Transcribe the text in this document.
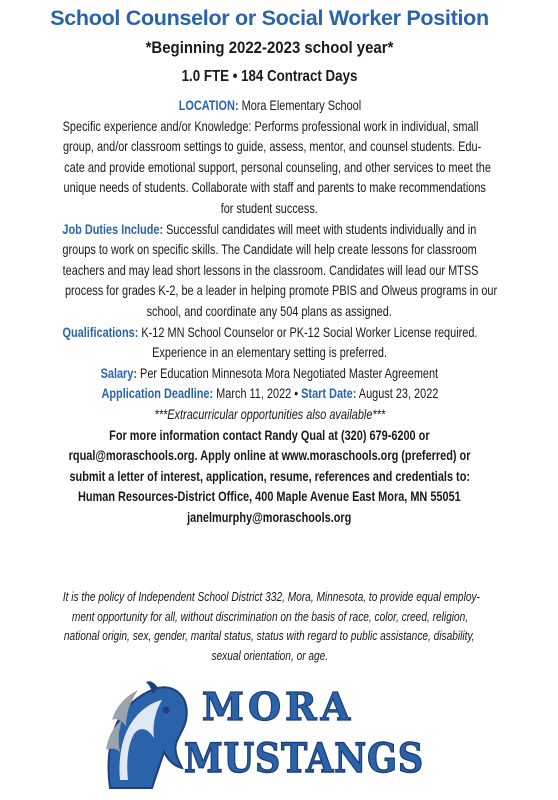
School Counselor or Social Worker Position
*Beginning 2022-2023 school year*
1.0 FTE • 184 Contract Days
LOCATION: Mora Elementary School
Specific experience and/or Knowledge: Performs professional work in individual, small
group, and/or classroom settings to guide, assess, mentor, and counsel students. Edu-
cate and provide emotional support, personal counseling, and other services to meet the
unique needs of students. Collaborate with staff and parents to make recommendations
for student success.
Job Duties Include: Successful candidates will meet with students individually and in
groups to work on specific skills. The Candidate will help create lessons for classroom
teachers and may lead short lessons in the classroom. Candidates will lead our MTSS
process for grades K-2, be a leader in helping promote PBIS and Olweus programs in our
school, and coordinate any 504 plans as assigned.
Qualifications: K-12 MN School Counselor or PK-12 Social Worker License required.
Experience in an elementary setting is preferred.
Salary: Per Education Minnesota Mora Negotiated Master Agreement
Application Deadline: March 11, 2022 • Start Date: August 23, 2022
***Extracurricular opportunities also available***
For more information contact Randy Qual at (320) 679-6200 or
rqual@moraschools.org. Apply online at www.moraschools.org (preferred) or
submit a letter of interest, application, resume, references and credentials to:
Human Resources-District Office, 400 Maple Avenue East Mora, MN 55051
janelmurphy@moraschools.org
It is the policy of Independent School District 332, Mora, Minnesota, to provide equal employ-
ment opportunity for all, without discrimination on the basis of race, color, creed, religion,
national origin, sex, gender, marital status, status with regard to public assistance, disability,
sexual orientation, or age.
MORA
MUSTANGS
